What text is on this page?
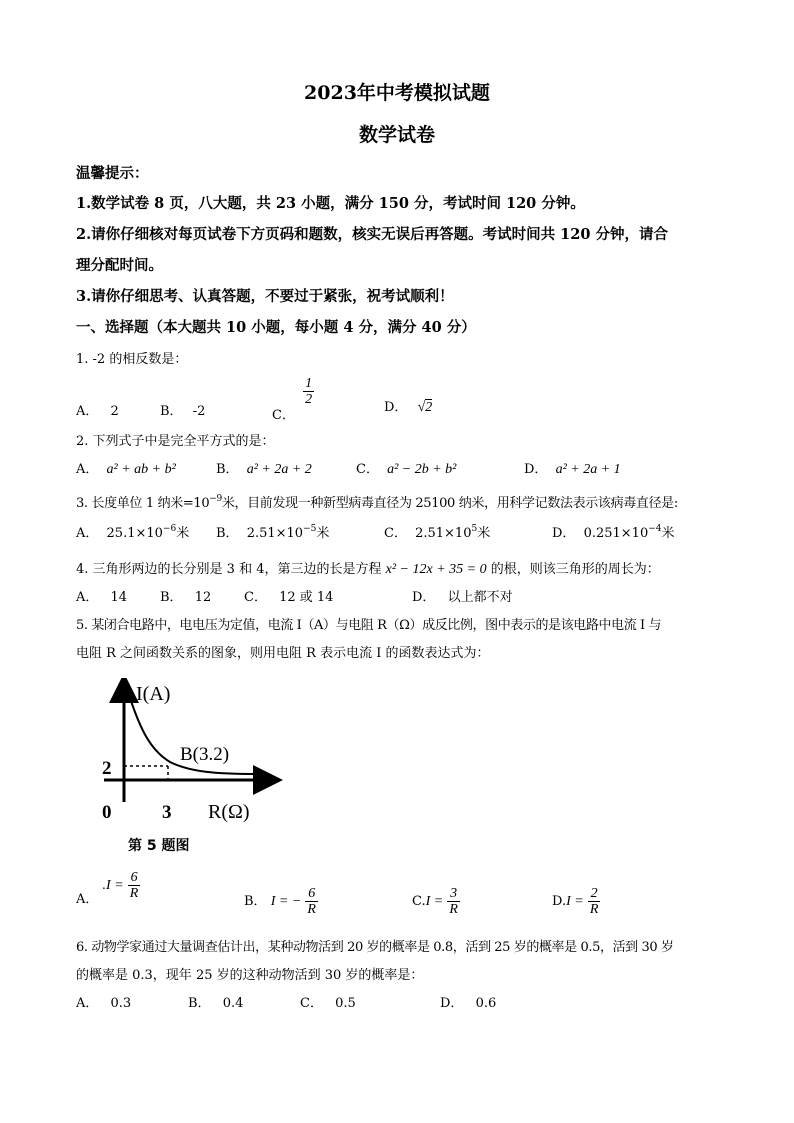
2023年中考模拟试题
数学试卷
温馨提示：
1.数学试卷 8 页，八大题，共 23 小题，满分 150 分，考试时间 120 分钟。
2.请你仔细核对每页试卷下方页码和题数，核实无误后再答题。考试时间共 120 分钟，请合
理分配时间。
3.请你仔细思考、认真答题，不要过于紧张，祝考试顺利！
一、选择题（本大题共 10 小题，每小题 4 分，满分 40 分）
1. -2 的相反数是：
A． 2	B． -2	C．
$\frac{1}{2}$
D． √2
2. 下列式子中是完全平方式的是：
A． a² + ab + b²	B． a² + 2a + 2	C． a² − 2b + b²	D． a² + 2a + 1
3. 长度单位 1 纳米$=10^{-9}$米，目前发现一种新型病毒直径为 25100 纳米，用科学记数法表示该病毒直径是:
A． $25.1\times 10^{-6}$米 B． $2.51\times 10^{-5}$米	C． $2.51\times 10^5$米	D． $0.251\times 10^{-4}$米
4. 三角形两边的长分别是 3 和 4，第三边的长是方程 x² − 12x + 35 = 0 的根，则该三角形的周长为：
A． 14	B． 12	C． 12 或 14	D． 以上都不对
5. 某闭合电路中，电电压为定值，电流 I（A）与电阻 R（Ω）成反比例，图中表示的是该电路中电流 I 与
电阻 R 之间函数关系的图象，则用电阻 R 表示电流 I 的函数表达式为：
I(A)
B(3.2)
2
0	3 R(Ω)
第 5 题图
A． $.I = \frac{6}{R}$
B． I = − $\frac{6}{R}$	$C.I = \frac{3}{R}$	$D.I = \frac{2}{R}$
6. 动物学家通过大量调查估计出，某种动物活到 20 岁的概率是 0.8，活到 25 岁的概率是 0.5，活到 30 岁
的概率是 0.3，现年 25 岁的这种动物活到 30 岁的概率是：
A． 0.3	B． 0.4	C． 0.5	D． 0.6
